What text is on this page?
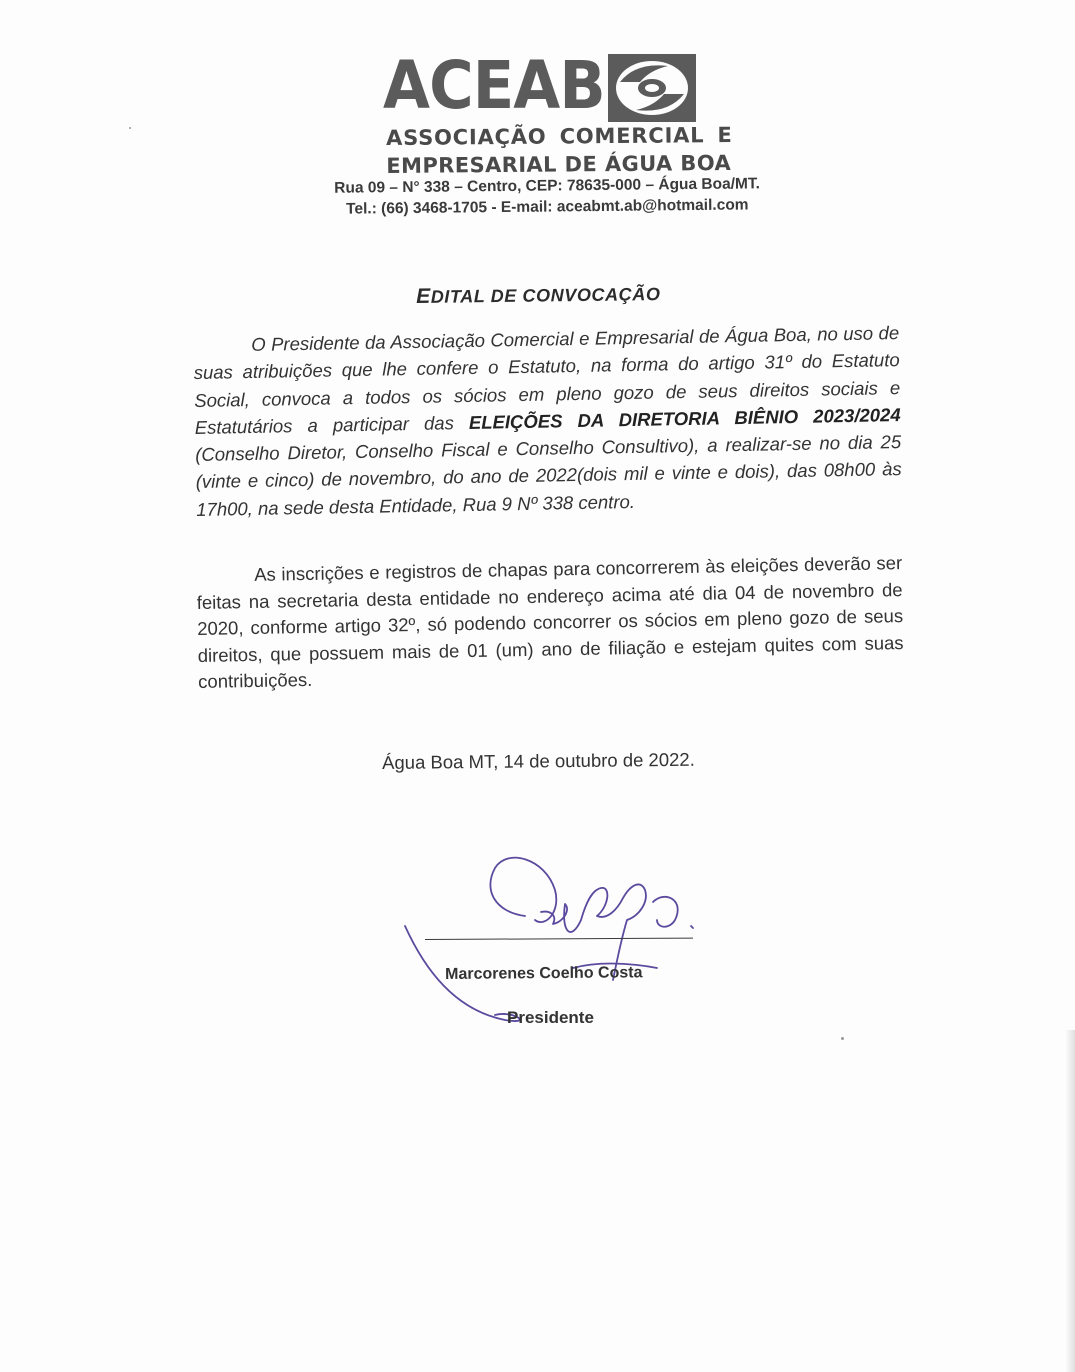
ACEAB
ASSOCIAÇÃO COMERCIAL E
EMPRESARIAL DE ÁGUA BOA
Rua 09 – N° 338 – Centro, CEP: 78635-000 – Água Boa/MT.
Tel.: (66) 3468-1705 - E-mail: aceabmt.ab@hotmail.com
EDITAL DE CONVOCAÇÃO
O Presidente da Associação Comercial e Empresarial de Água Boa, no uso de suas atribuições que lhe confere o Estatuto, na forma do artigo 31º do Estatuto Social, convoca a todos os sócios em pleno gozo de seus direitos sociais e Estatutários a participar das ELEIÇÕES DA DIRETORIA BIÊNIO 2023/2024 (Conselho Diretor, Conselho Fiscal e Conselho Consultivo), a realizar-se no dia 25 (vinte e cinco) de novembro, do ano de 2022(dois mil e vinte e dois), das 08h00 às 17h00, na sede desta Entidade, Rua 9 Nº 338 centro.
As inscrições e registros de chapas para concorrerem às eleições deverão ser feitas na secretaria desta entidade no endereço acima até dia 04 de novembro de 2020, conforme artigo 32º, só podendo concorrer os sócios em pleno gozo de seus direitos, que possuem mais de 01 (um) ano de filiação e estejam quites com suas contribuições.
Água Boa MT, 14 de outubro de 2022.
Marcorenes Coelho Costa
Presidente
